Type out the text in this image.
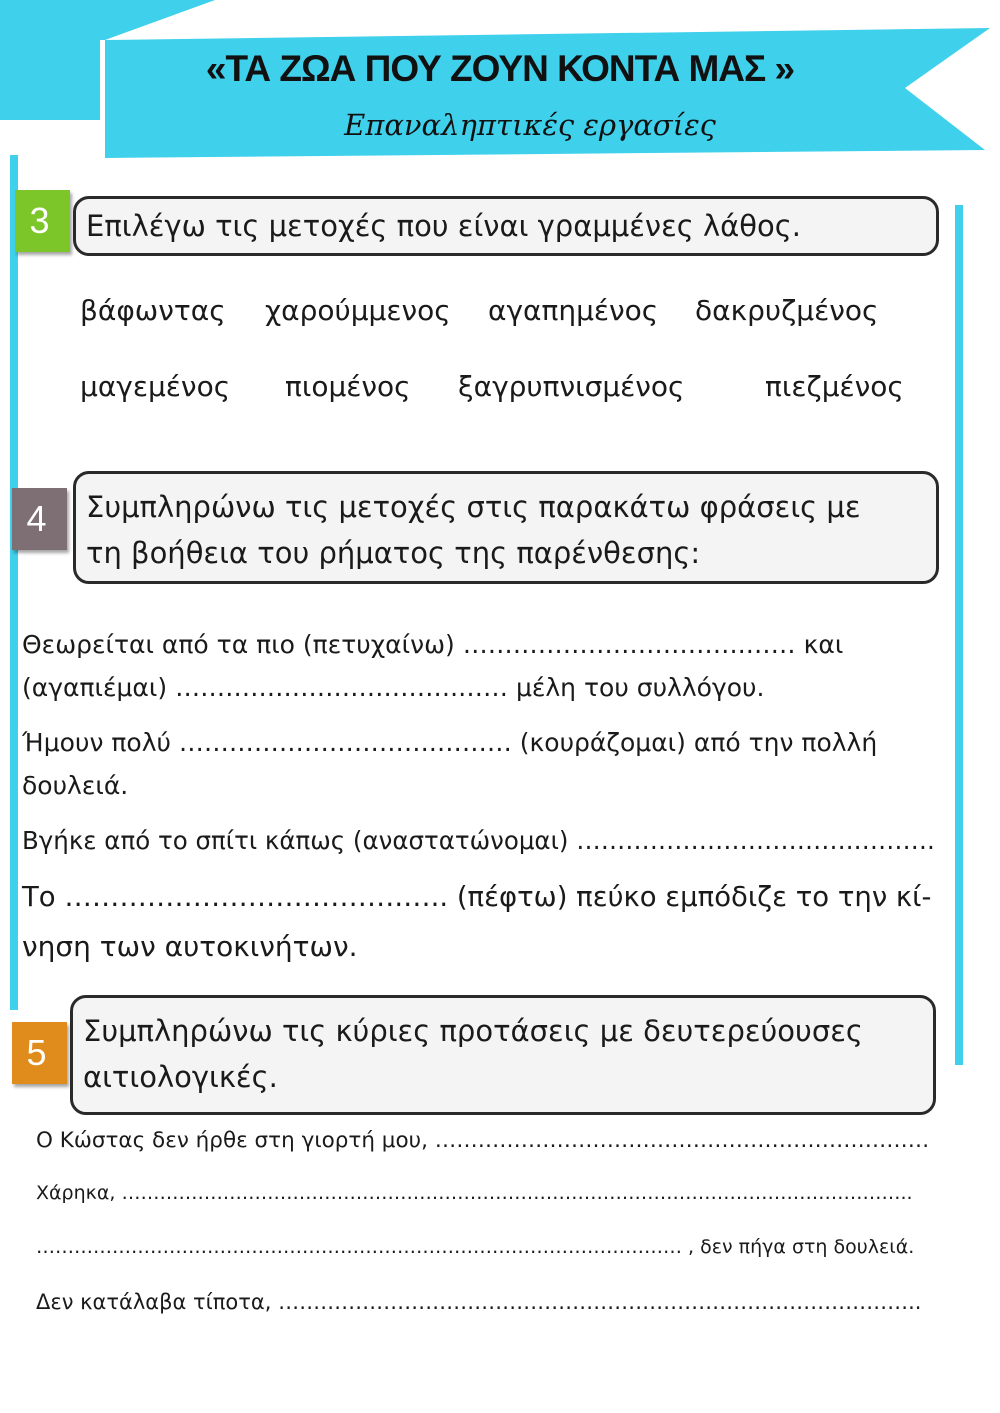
«ΤΑ ΖΩΑ ΠΟΥ ΖΟΥΝ ΚΟΝΤΑ ΜΑΣ »
Επαναληπτικές εργασίες
3	Επιλέγω τις μετοχές που είναι γραμμένες λάθος.
βάφωντας χαρούμμενος αγαπημένος δακρυζμένος
μαγεμένος πιομένος ξαγρυπνισμένος	πιεζμένος
4 Συμπληρώνω τις μετοχές στις παρακάτω φράσεις με
τη βοήθεια του ρήματος της παρένθεσης:
Θεωρείται από τα πιο (πετυχαίνω) …………………………….…… και
(αγαπιέμαι) …………………………….…… μέλη του συλλόγου.
Ήμουν πολύ ………………………….……… (κουράζομαι) από την πολλή
δουλειά.
Βγήκε από το σπίτι κάπως (αναστατώνομαι) …………………………….……….
Το ……………………………….….. (πέφτω) πεύκο εμπόδιζε το την κί-
νηση των αυτοκινήτων.
5
Συμπληρώνω τις κύριες προτάσεις με δευτερεύουσες
αιτιολογικές.
Ο Κώστας δεν ήρθε στη γιορτή μου, ……………………………………………………………
Χάρηκα, ……………………………………………………………………………………………………………..
………………………………………………………………………………………… , δεν πήγα στη δουλειά.
Δεν κατάλαβα τίποτα, ………………………………………………………………………………..
